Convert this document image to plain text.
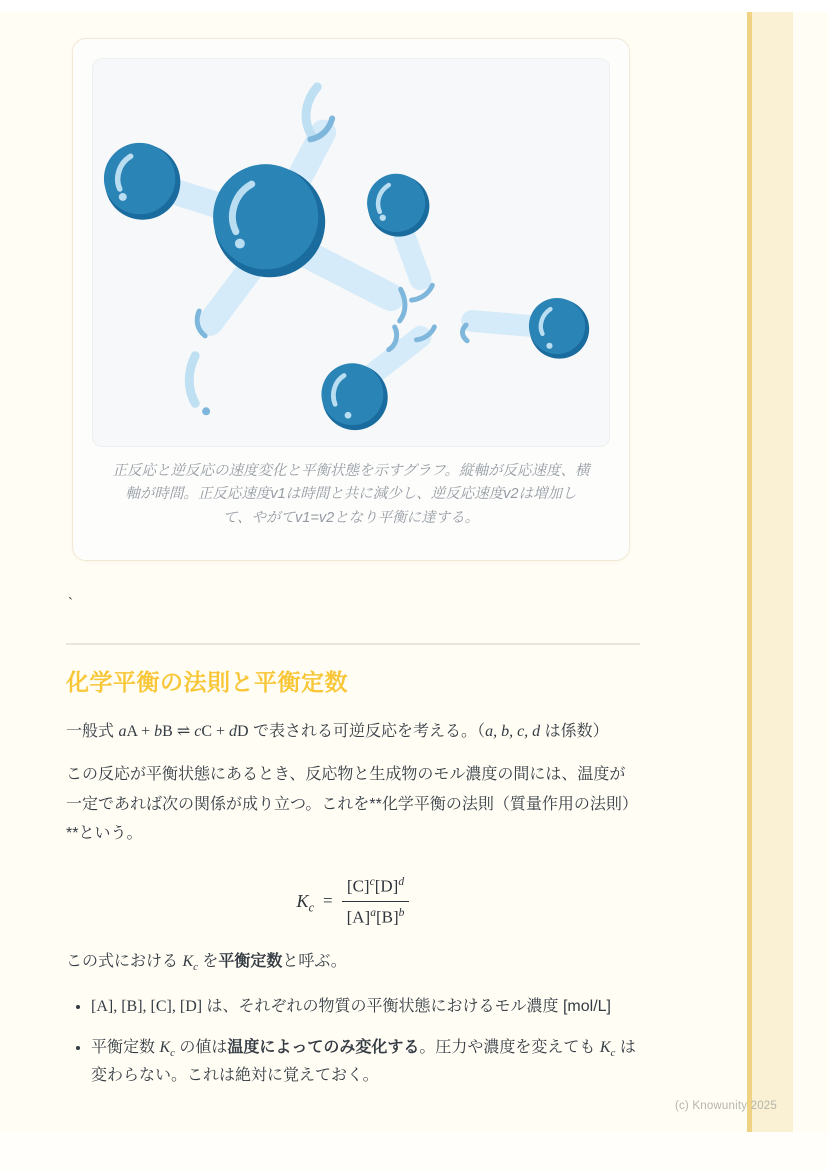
正反応と逆反応の速度変化と平衡状態を示すグラフ。縦軸が反応速度、横軸が時間。正反応速度v1は時間と共に減少し、逆反応速度v2は増加して、やがてv1=v2となり平衡に達する。

`
化学平衡の法則と平衡定数

一般式 aA + bB ⇌ cC + dD で表される可逆反応を考える。（a, b, c, d は係数）

この反応が平衡状態にあるとき、反応物と生成物のモル濃度の間には、温度が一定であれば次の関係が成り立つ。これを**化学平衡の法則（質量作用の法則）**という。

$K_c = \frac{[C]^c[D]^d}{[A]^a[B]^b}$

この式における $K_c$ を平衡定数と呼ぶ。

• [A], [B], [C], [D] は、それぞれの物質の平衡状態におけるモル濃度 [mol/L]
• 平衡定数 $K_c$ の値は温度によってのみ変化する。圧力や濃度を変えても $K_c$ は変わらない。これは絶対に覚えておく。
(c) Knowunity 2025
